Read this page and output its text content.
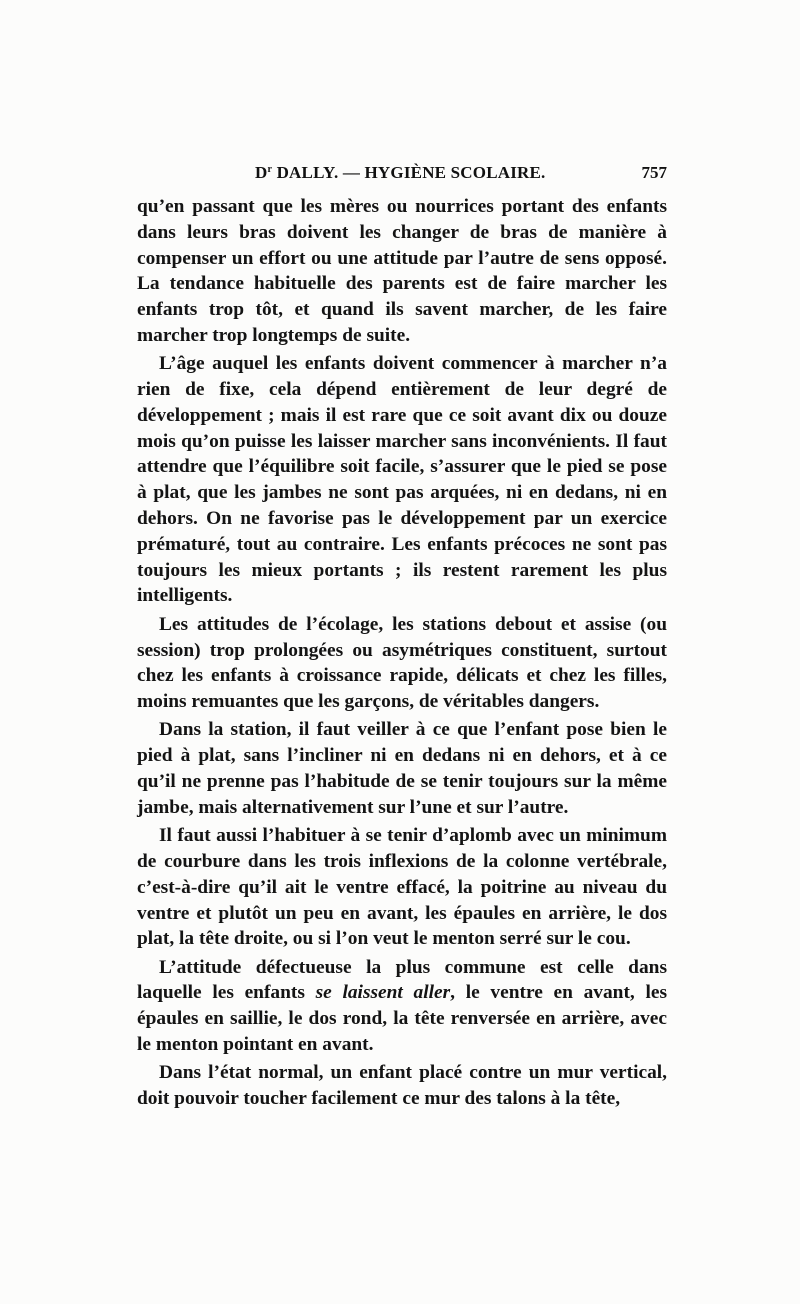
$D^r$ DALLY. — HYGIÈNE SCOLAIRE.	757

qu’en passant que les mères ou nourrices portant des enfants dans leurs bras doivent les changer de bras de manière à compenser un effort ou une attitude par l’autre de sens opposé. La tendance habituelle des parents est de faire marcher les enfants trop tôt, et quand ils savent marcher, de les faire marcher trop longtemps de suite.

L’âge auquel les enfants doivent commencer à marcher n’a rien de fixe, cela dépend entièrement de leur degré de développement ; mais il est rare que ce soit avant dix ou douze mois qu’on puisse les laisser marcher sans inconvénients. Il faut attendre que l’équilibre soit facile, s’assurer que le pied se pose à plat, que les jambes ne sont pas arquées, ni en dedans, ni en dehors. On ne favorise pas le développement par un exercice prématuré, tout au contraire. Les enfants précoces ne sont pas toujours les mieux portants ; ils restent rarement les plus intelligents.

Les attitudes de l’écolage, les stations debout et assise (ou session) trop prolongées ou asymétriques constituent, surtout chez les enfants à croissance rapide, délicats et chez les filles, moins remuantes que les garçons, de véritables dangers.

Dans la station, il faut veiller à ce que l’enfant pose bien le pied à plat, sans l’incliner ni en dedans ni en dehors, et à ce qu’il ne prenne pas l’habitude de se tenir toujours sur la même jambe, mais alternativement sur l’une et sur l’autre.

Il faut aussi l’habituer à se tenir d’aplomb avec un minimum de courbure dans les trois inflexions de la colonne vertébrale, c’est-à-dire qu’il ait le ventre effacé, la poitrine au niveau du ventre et plutôt un peu en avant, les épaules en arrière, le dos plat, la tête droite, ou si l’on veut le menton serré sur le cou.

L’attitude défectueuse la plus commune est celle dans laquelle les enfants se laissent aller, le ventre en avant, les épaules en saillie, le dos rond, la tête renversée en arrière, avec le menton pointant en avant.

Dans l’état normal, un enfant placé contre un mur vertical, doit pouvoir toucher facilement ce mur des talons à la tête,
